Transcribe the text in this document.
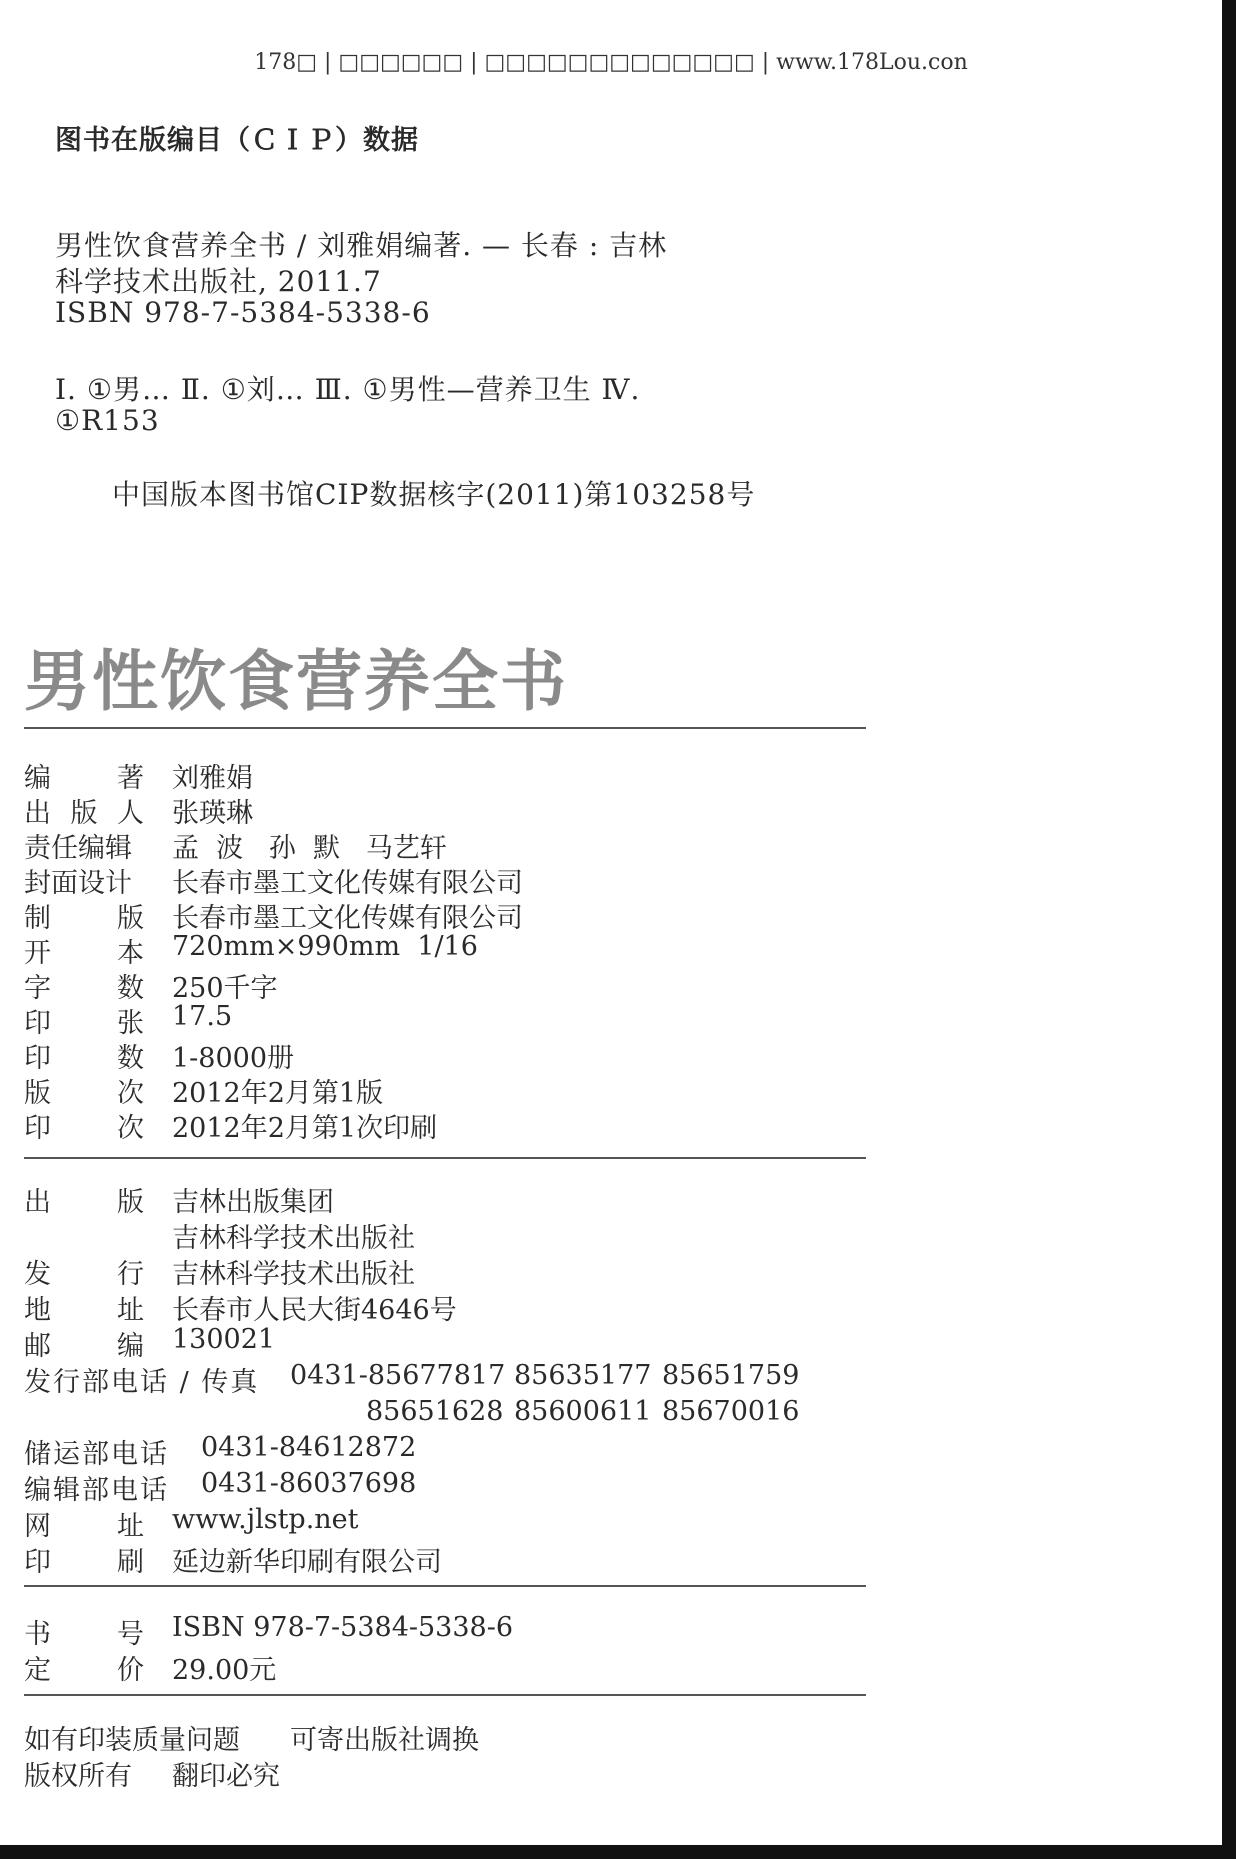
178□ | □□□□□□ | □□□□□□□□□□□□□ | www.178Lou.con
图书在版编目（ＣＩＰ）数据
男性饮食营养全书 / 刘雅娟编著. — 长春 : 吉林
科学技术出版社, 2011.7
ISBN 978-7-5384-5338-6
Ⅰ. ①男… Ⅱ. ①刘… Ⅲ. ①男性—营养卫生 Ⅳ.
①R153
中国版本图书馆CIP数据核字(2011)第103258号
男性饮食营养全书
编 著 刘雅娟
出 版 人 张瑛琳
责任编辑	孟  波   孙  默   马艺轩
封面设计	长春市墨工文化传媒有限公司
制 版 长春市墨工文化传媒有限公司
开 本 720mm×990mm  1/16
字 数 250千字
印 张 17.5
印 数 1-8000册
版 次 2012年2月第1版
印 次 2012年2月第1次印刷
出 版 吉林出版集团
吉林科学技术出版社
发 行 吉林科学技术出版社
地 址 长春市人民大街4646号
邮 编 130021
发行部电话 / 传真 0431-85677817 85635177 85651759
85651628 85600611 85670016
储运部电话 0431-84612872
编辑部电话 0431-86037698
网 址 www.jlstp.net
印 刷 延边新华印刷有限公司
书 号 ISBN 978-7-5384-5338-6
定 价 29.00元
如有印装质量问题 可寄出版社调换
版权所有 翻印必究
